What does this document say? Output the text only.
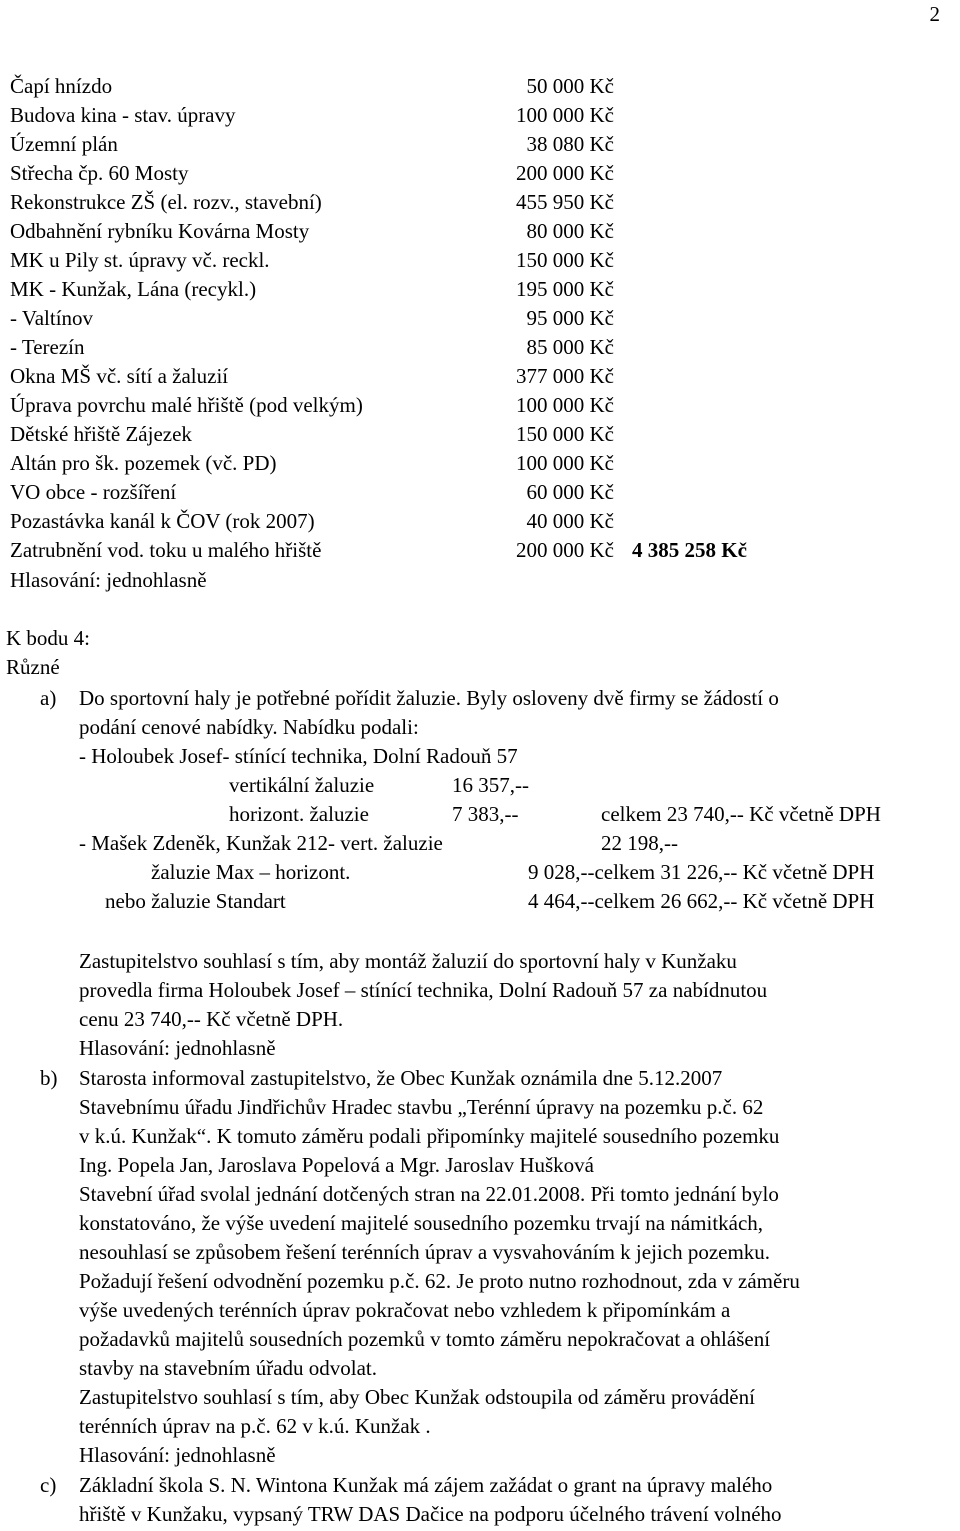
2
Čapí hnízdo	50 000 Kč
Budova kina - stav. úpravy	100 000 Kč
Územní plán	38 080 Kč
Střecha čp. 60 Mosty	200 000 Kč
Rekonstrukce ZŠ (el. rozv., stavební)	455 950 Kč
Odbahnění rybníku Kovárna Mosty	80 000 Kč
MK u Pily st. úpravy vč. reckl.	150 000 Kč
MK - Kunžak, Lána (recykl.)	195 000 Kč
- Valtínov	95 000 Kč
- Terezín	85 000 Kč
Okna MŠ vč. sítí a žaluzií	377 000 Kč
Úprava povrchu malé hřiště (pod velkým)	100 000 Kč
Dětské hřiště Zájezek	150 000 Kč
Altán pro šk. pozemek (vč. PD)	100 000 Kč
VO obce - rozšíření	60 000 Kč
Pozastávka kanál k ČOV (rok 2007)	40 000 Kč
Zatrubnění vod. toku u malého hřiště	200 000 Kč 4 385 258 Kč
Hlasování: jednohlasně
K bodu 4:
Různé
a) Do sportovní haly je potřebné pořídit žaluzie. Byly osloveny dvě firmy se žádostí o
podání cenové nabídky. Nabídku podali:
- Holoubek Josef- stínící technika, Dolní Radouň 57
vertikální žaluzie	16 357,--
horizont. žaluzie	7 383,--	celkem 23 740,-- Kč včetně DPH
- Mašek Zdeněk, Kunžak 212- vert. žaluzie	22 198,--
žaluzie Max – horizont.	9 028,--celkem 31 226,-- Kč včetně DPH
nebo žaluzie Standart	4 464,--celkem 26 662,-- Kč včetně DPH
Zastupitelstvo souhlasí s tím, aby montáž žaluzií do sportovní haly v Kunžaku
provedla firma Holoubek Josef – stínící technika, Dolní Radouň 57 za nabídnutou
cenu 23 740,-- Kč včetně DPH.
Hlasování: jednohlasně
b) Starosta informoval zastupitelstvo, že Obec Kunžak oznámila dne 5.12.2007
Stavebnímu úřadu Jindřichův Hradec stavbu „Terénní úpravy na pozemku p.č. 62
v k.ú. Kunžak“. K tomuto záměru podali připomínky majitelé sousedního pozemku
Ing. Popela Jan, Jaroslava Popelová a Mgr. Jaroslav Hušková
Stavební úřad svolal jednání dotčených stran na 22.01.2008. Při tomto jednání bylo
konstatováno, že výše uvedení majitelé sousedního pozemku trvají na námitkách,
nesouhlasí se způsobem řešení terénních úprav a vysvahováním k jejich pozemku.
Požadují řešení odvodnění pozemku p.č. 62. Je proto nutno rozhodnout, zda v záměru
výše uvedených terénních úprav pokračovat nebo vzhledem k připomínkám a
požadavků majitelů sousedních pozemků v tomto záměru nepokračovat a ohlášení
stavby na stavebním úřadu odvolat.
Zastupitelstvo souhlasí s tím, aby Obec Kunžak odstoupila od záměru provádění
terénních úprav na p.č. 62 v k.ú. Kunžak .
Hlasování: jednohlasně
c) Základní škola S. N. Wintona Kunžak má zájem zažádat o grant na úpravy malého
hřiště v Kunžaku, vypsaný TRW DAS Dačice na podporu účelného trávení volného
